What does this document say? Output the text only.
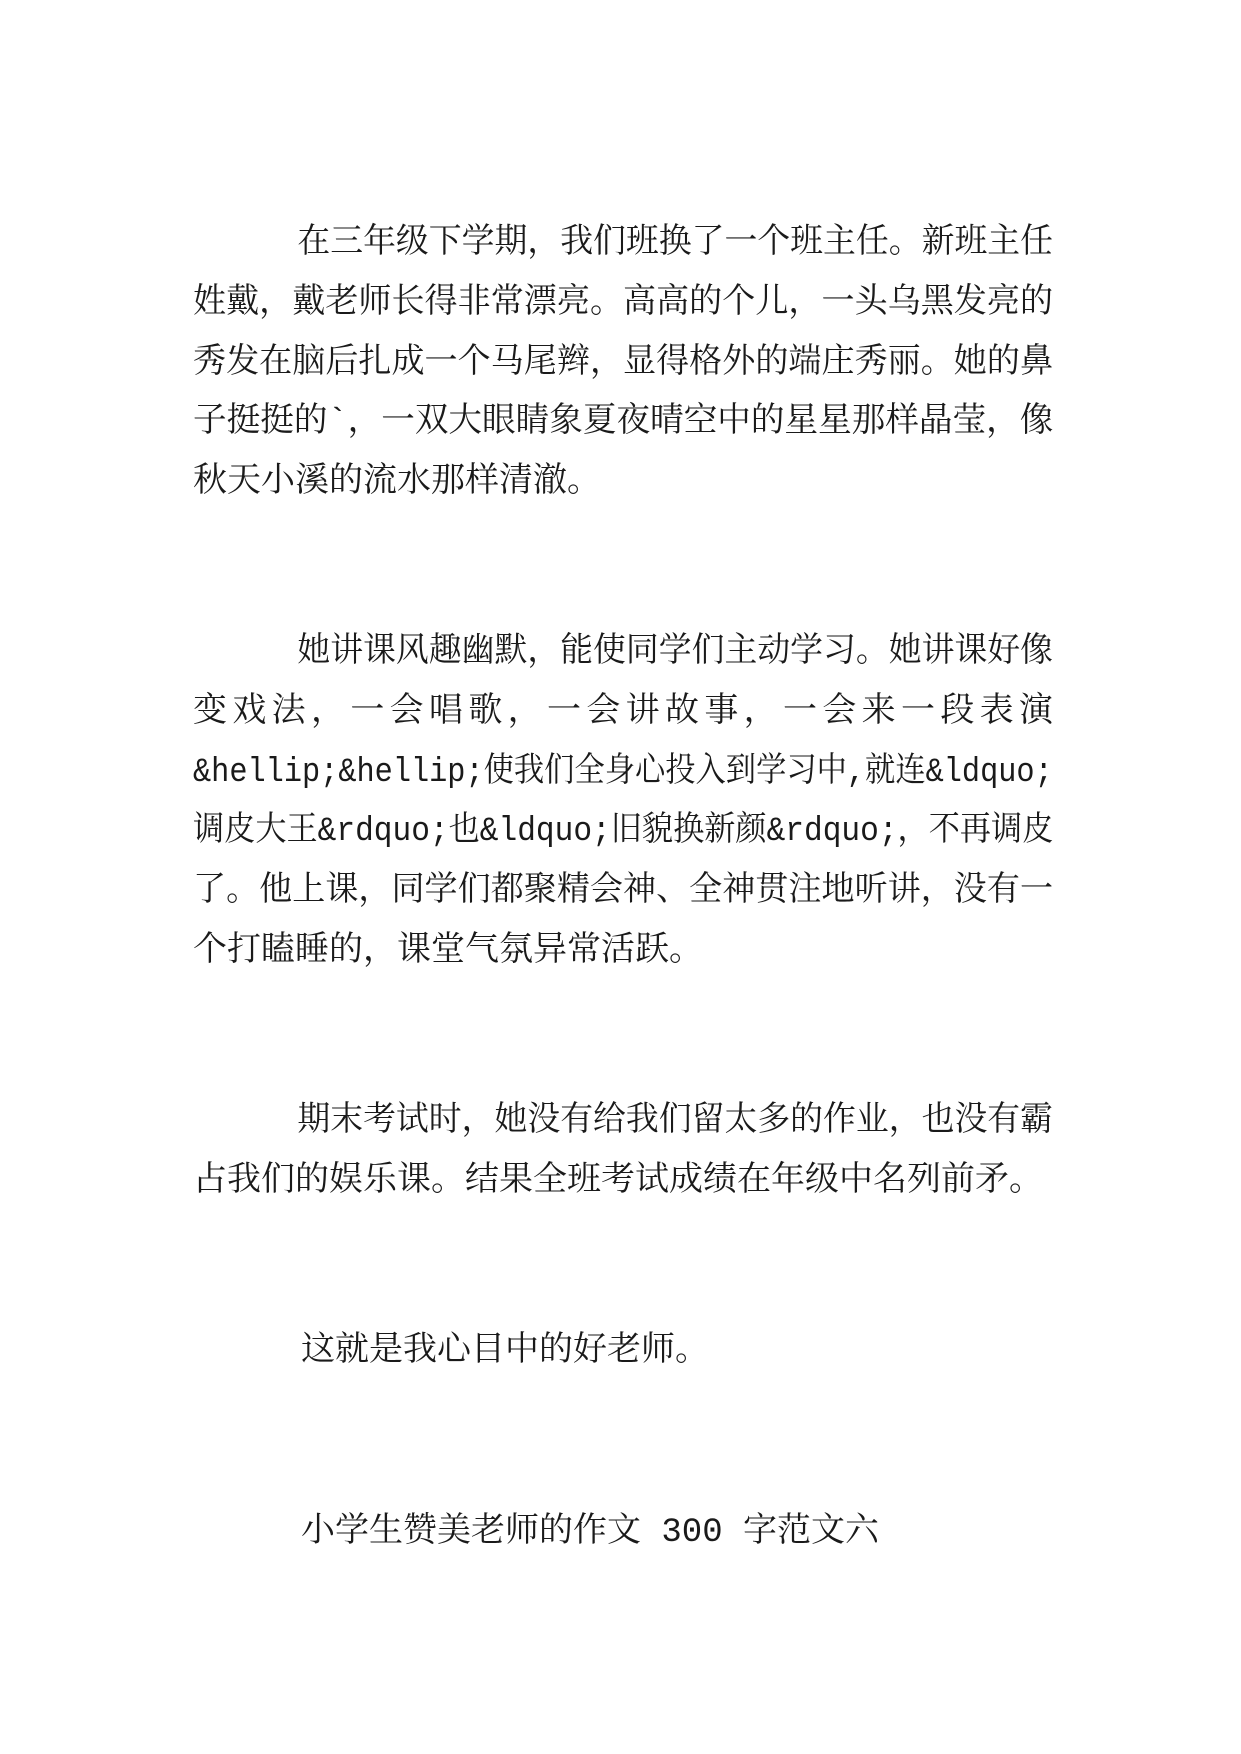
在三年级下学期，我们班换了一个班主任。新班主任
姓戴，戴老师长得非常漂亮。高高的个儿，一头乌黑发亮的
秀发在脑后扎成一个马尾辫，显得格外的端庄秀丽。她的鼻
子挺挺的`，一双大眼睛象夏夜晴空中的星星那样晶莹，像
秋天小溪的流水那样清澈。
她讲课风趣幽默，能使同学们主动学习。她讲课好像
变戏法，一会唱歌，一会讲故事，一会来一段表演
&hellip;&hellip;使我们全身心投入到学习中,就连&ldquo;
调皮大王&rdquo;也&ldquo;旧貌换新颜&rdquo;，不再调皮
了。他上课，同学们都聚精会神、全神贯注地听讲，没有一
个打瞌睡的，课堂气氛异常活跃。
期末考试时，她没有给我们留太多的作业，也没有霸
占我们的娱乐课。结果全班考试成绩在年级中名列前矛。
这就是我心目中的好老师。
小学生赞美老师的作文 300 字范文六
